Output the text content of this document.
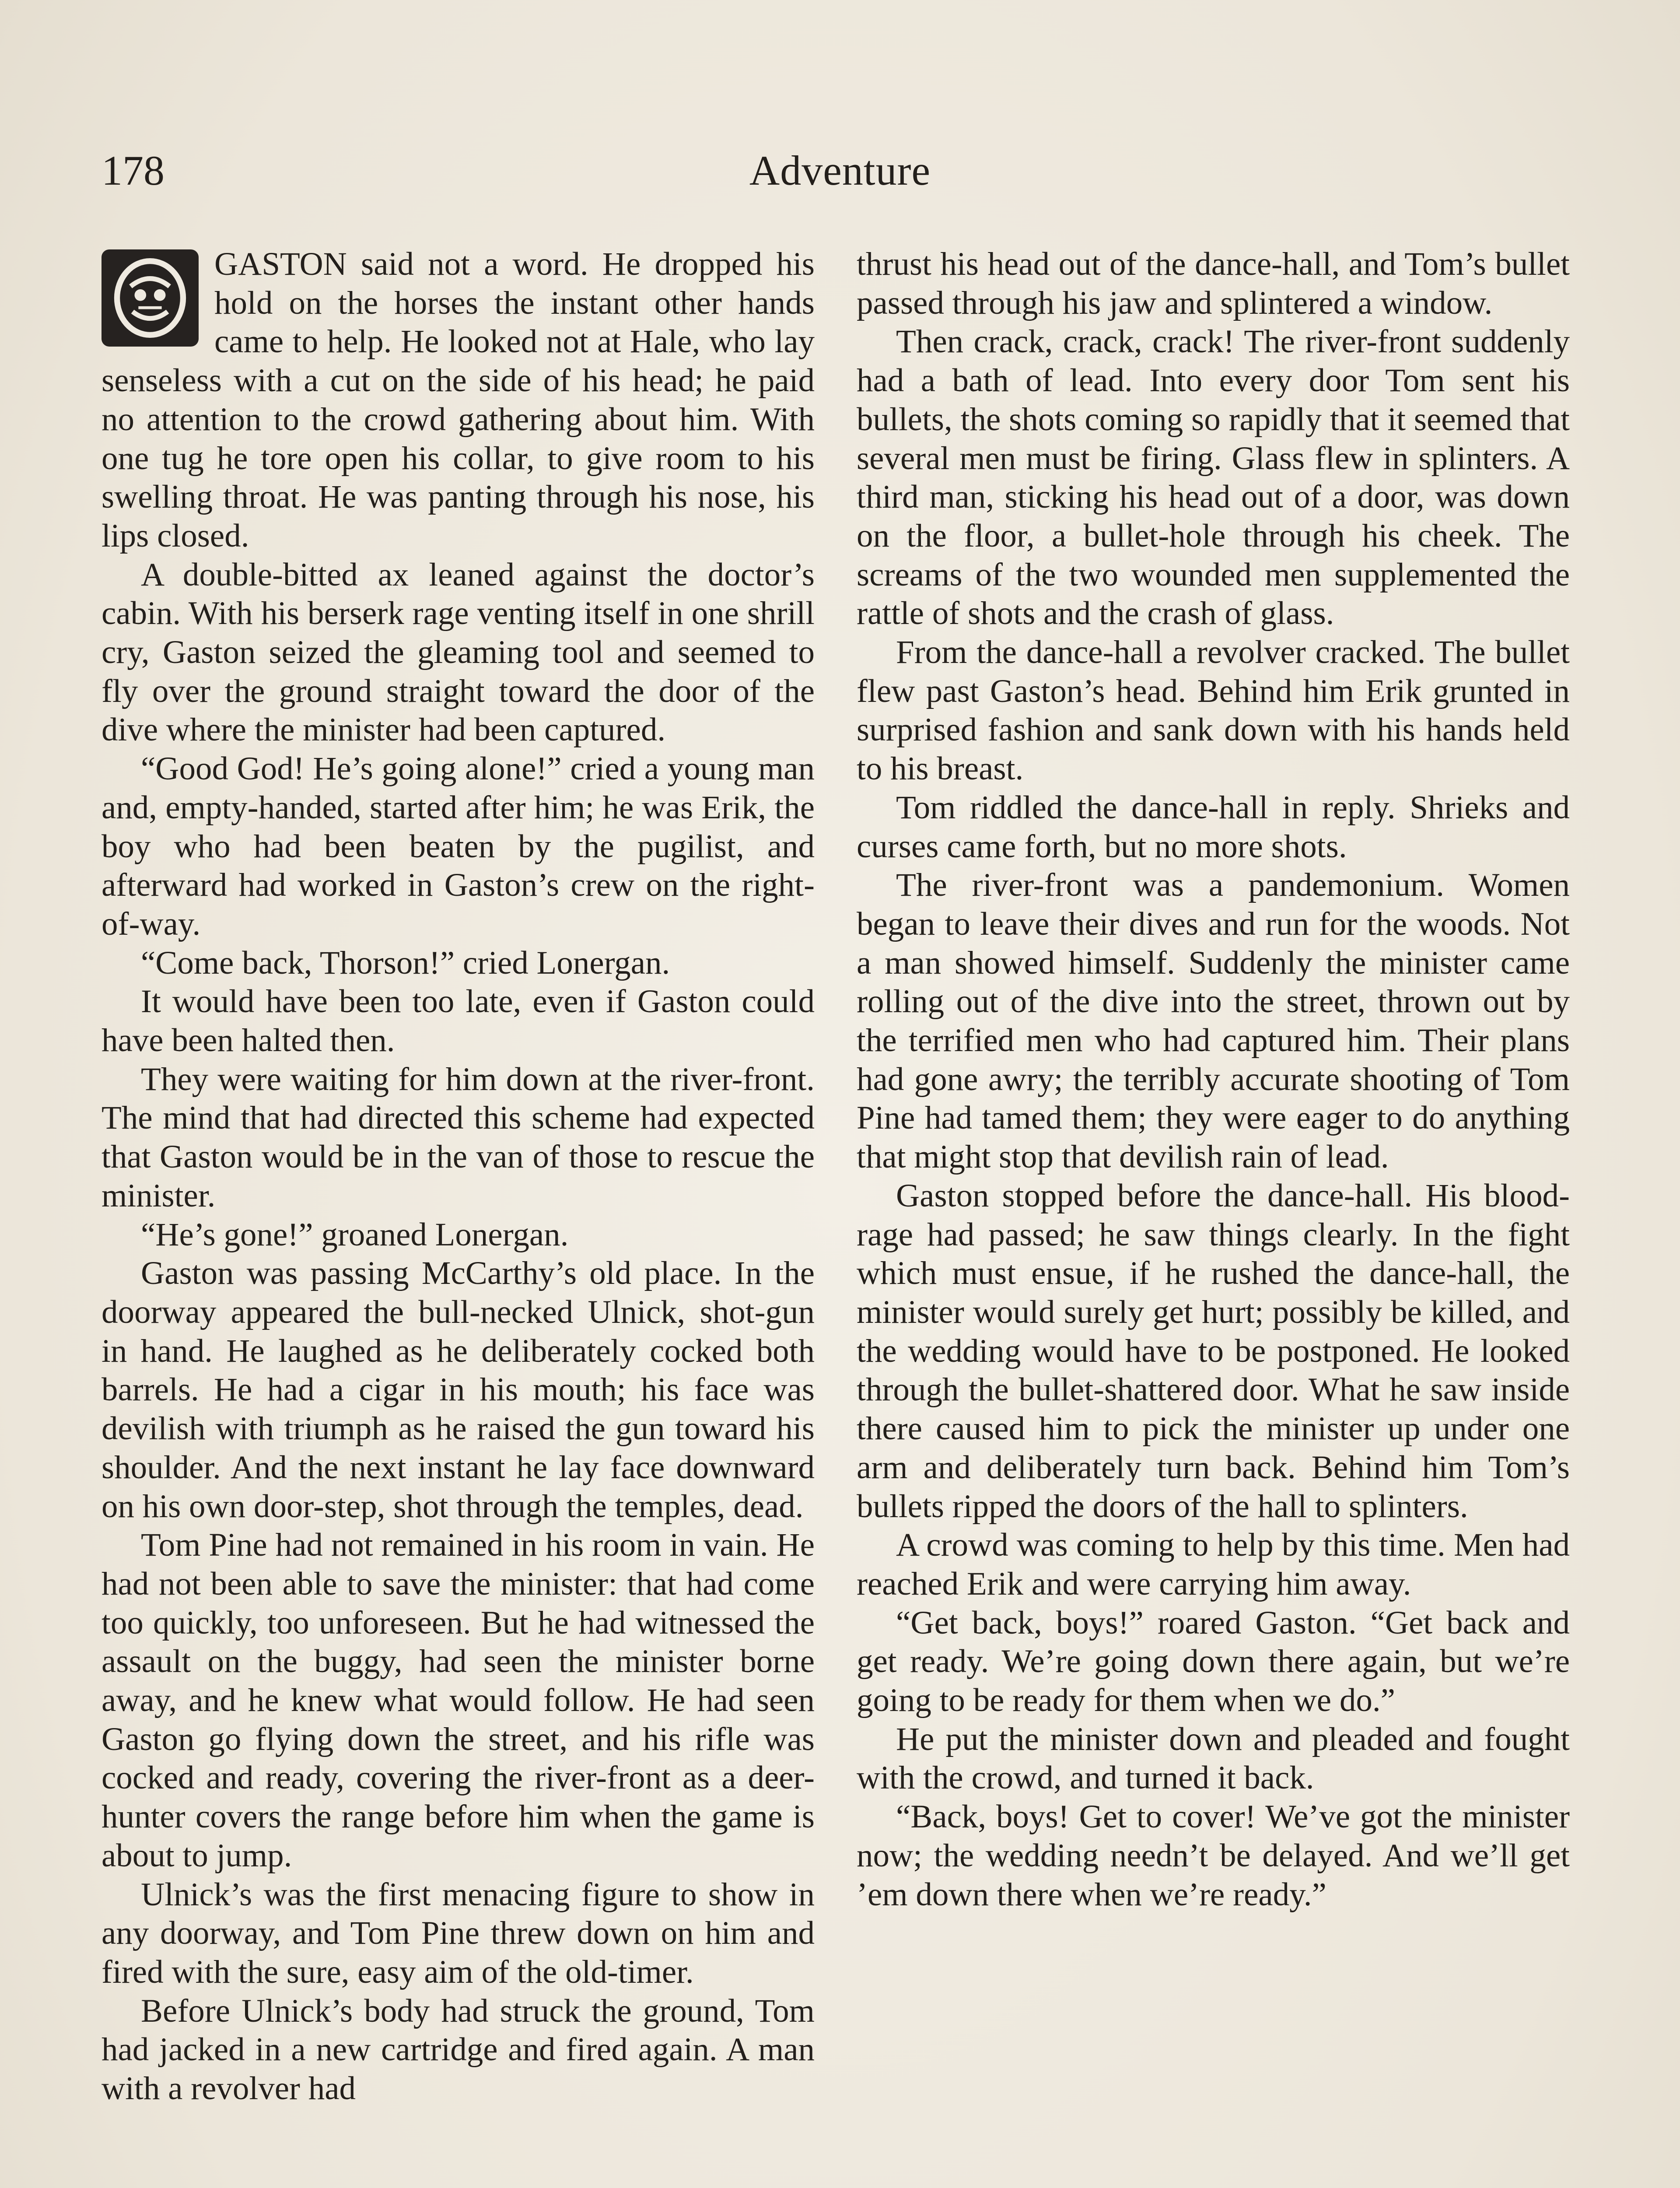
178	Adventure

GASTON said not a word. He dropped his hold on the horses the instant other hands came to help. He looked not at Hale, who lay senseless with a cut on the side of his head; he paid no attention to the crowd gathering about him. With one tug he tore open his collar, to give room to his swelling throat. He was panting through his nose, his lips closed.

A double-bitted ax leaned against the doctor’s cabin. With his berserk rage venting itself in one shrill cry, Gaston seized the gleaming tool and seemed to fly over the ground straight toward the door of the dive where the minister had been captured.

“Good God! He’s going alone!” cried a young man and, empty-handed, started after him; he was Erik, the boy who had been beaten by the pugilist, and afterward had worked in Gaston’s crew on the right-of-way.

“Come back, Thorson!” cried Lonergan.

It would have been too late, even if Gaston could have been halted then.

They were waiting for him down at the river-front. The mind that had directed this scheme had expected that Gaston would be in the van of those to rescue the minister.

“He’s gone!” groaned Lonergan.

Gaston was passing McCarthy’s old place. In the doorway appeared the bull-necked Ulnick, shot-gun in hand. He laughed as he deliberately cocked both barrels. He had a cigar in his mouth; his face was devilish with triumph as he raised the gun toward his shoulder. And the next instant he lay face downward on his own door-step, shot through the temples, dead.

Tom Pine had not remained in his room in vain. He had not been able to save the minister: that had come too quickly, too unforeseen. But he had witnessed the assault on the buggy, had seen the minister borne away, and he knew what would follow. He had seen Gaston go flying down the street, and his rifle was cocked and ready, covering the river-front as a deer-hunter covers the range before him when the game is about to jump.

Ulnick’s was the first menacing figure to show in any doorway, and Tom Pine threw down on him and fired with the sure, easy aim of the old-timer.

Before Ulnick’s body had struck the ground, Tom had jacked in a new cartridge and fired again. A man with a revolver had

thrust his head out of the dance-hall, and Tom’s bullet passed through his jaw and splintered a window.

Then crack, crack, crack! The river-front suddenly had a bath of lead. Into every door Tom sent his bullets, the shots coming so rapidly that it seemed that several men must be firing. Glass flew in splinters. A third man, sticking his head out of a door, was down on the floor, a bullet-hole through his cheek. The screams of the two wounded men supplemented the rattle of shots and the crash of glass.

From the dance-hall a revolver cracked. The bullet flew past Gaston’s head. Behind him Erik grunted in surprised fashion and sank down with his hands held to his breast.

Tom riddled the dance-hall in reply. Shrieks and curses came forth, but no more shots.

The river-front was a pandemonium. Women began to leave their dives and run for the woods. Not a man showed himself. Suddenly the minister came rolling out of the dive into the street, thrown out by the terrified men who had captured him. Their plans had gone awry; the terribly accurate shooting of Tom Pine had tamed them; they were eager to do anything that might stop that devilish rain of lead.

Gaston stopped before the dance-hall. His blood-rage had passed; he saw things clearly. In the fight which must ensue, if he rushed the dance-hall, the minister would surely get hurt; possibly be killed, and the wedding would have to be postponed. He looked through the bullet-shattered door. What he saw inside there caused him to pick the minister up under one arm and deliberately turn back. Behind him Tom’s bullets ripped the doors of the hall to splinters.

A crowd was coming to help by this time. Men had reached Erik and were carrying him away.

“Get back, boys!” roared Gaston. “Get back and get ready. We’re going down there again, but we’re going to be ready for them when we do.”

He put the minister down and pleaded and fought with the crowd, and turned it back.

“Back, boys! Get to cover! We’ve got the minister now; the wedding needn’t be delayed. And we’ll get ’em down there when we’re ready.”
